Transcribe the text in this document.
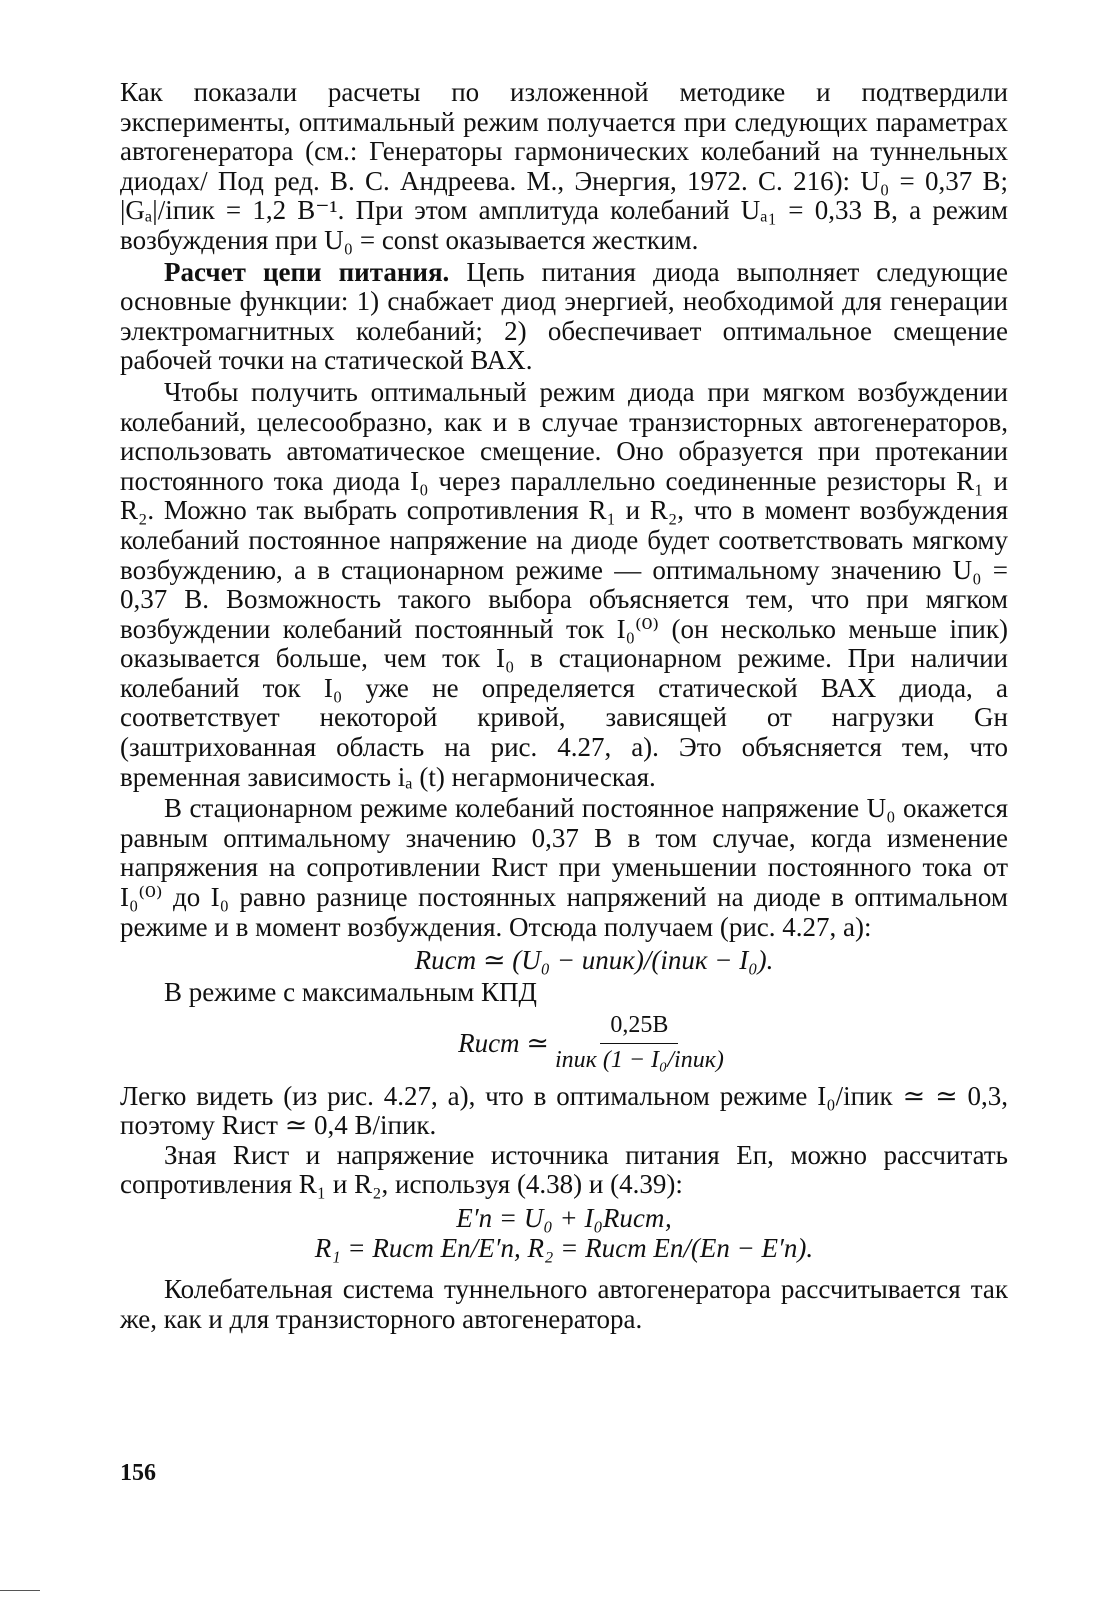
Как показали расчеты по изложенной методике и подтвердили эксперименты, оптимальный режим получается при следующих параметрах автогенератора (см.: Генераторы гармонических колебаний на туннельных диодах/ Под ред. В. С. Андреева. М., Энергия, 1972. С. 216): U₀ = 0,37 В; |Gₐ|/iпик = 1,2 В⁻¹. При этом амплитуда колебаний Uₐ₁ = 0,33 В, а режим возбуждения при U₀ = const оказывается жестким.

Расчет цепи питания. Цепь питания диода выполняет следующие основные функции: 1) снабжает диод энергией, необходимой для генерации электромагнитных колебаний; 2) обеспечивает оптимальное смещение рабочей точки на статической ВАХ.

Чтобы получить оптимальный режим диода при мягком возбуждении колебаний, целесообразно, как и в случае транзисторных автогенераторов, использовать автоматическое смещение. Оно образуется при протекании постоянного тока диода I₀ через параллельно соединенные резисторы R₁ и R₂. Можно так выбрать сопротивления R₁ и R₂, что в момент возбуждения колебаний постоянное напряжение на диоде будет соответствовать мягкому возбуждению, а в стационарном режиме — оптимальному значению U₀ = 0,37 В. Возможность такого выбора объясняется тем, что при мягком возбуждении колебаний постоянный ток I₀⁽⁰⁾ (он несколько меньше iпик) оказывается больше, чем ток I₀ в стационарном режиме. При наличии колебаний ток I₀ уже не определяется статической ВАХ диода, а соответствует некоторой кривой, зависящей от нагрузки Gн (заштрихованная область на рис. 4.27, а). Это объясняется тем, что временная зависимость iₐ (t) негармоническая.

В стационарном режиме колебаний постоянное напряжение U₀ окажется равным оптимальному значению 0,37 В в том случае, когда изменение напряжения на сопротивлении Rист при уменьшении постоянного тока от I₀⁽⁰⁾ до I₀ равно разнице постоянных напряжений на диоде в оптимальном режиме и в момент возбуждения. Отсюда получаем (рис. 4.27, а):

Rист ≃ (U₀ − uпик)/(iпик − I₀).

В режиме с максимальным КПД

Rист ≃ $\frac{0,25В}{\text{iпик (1 − I₀/iпик)}}$

Легко видеть (из рис. 4.27, а), что в оптимальном режиме I₀/iпик ≃ ≃ 0,3, поэтому Rист ≃ 0,4 В/iпик.

Зная Rист и напряжение источника питания Eп, можно рассчитать сопротивления R₁ и R₂, используя (4.38) и (4.39):

E′п = U₀ + I₀Rист,

R₁ = Rист Eп/E′п, R₂ = Rист Eп/(Eп − E′п).

Колебательная система туннельного автогенератора рассчитывается так же, как и для транзисторного автогенератора.

156
